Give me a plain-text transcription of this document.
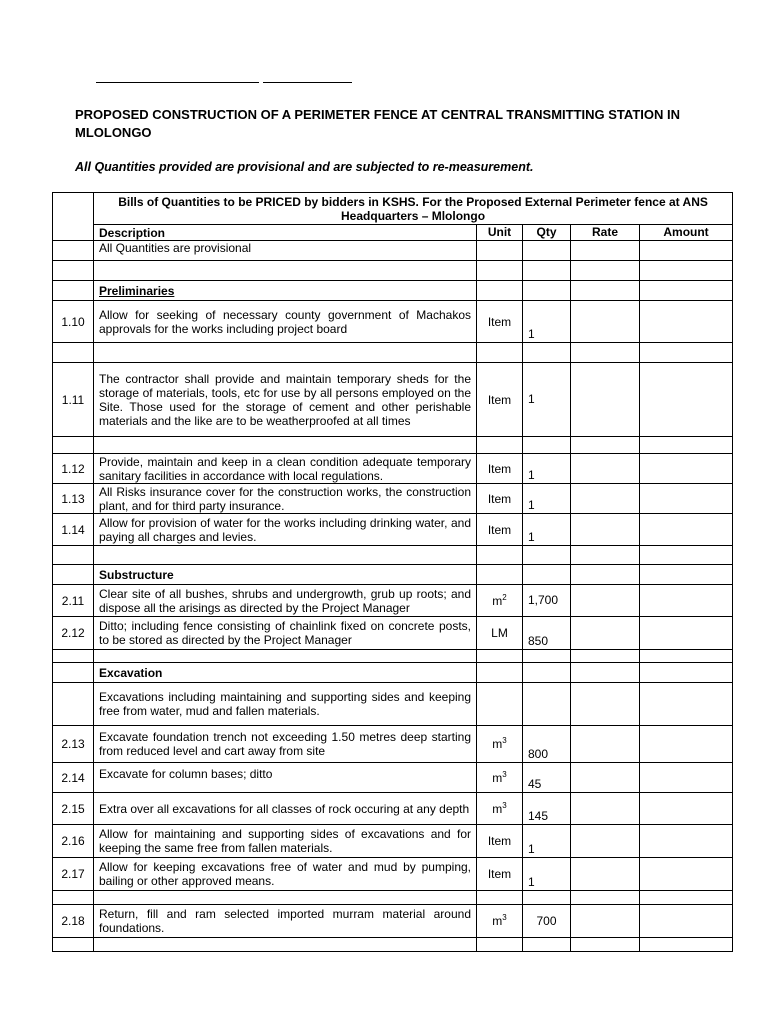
PROPOSED CONSTRUCTION OF A PERIMETER FENCE AT CENTRAL TRANSMITTING STATION IN MLOLONGO

All Quantities provided are provisional and are subjected to re-measurement.

	Bills of Quantities to be PRICED by bidders in KSHS. For the Proposed External Perimeter fence at ANS Headquarters – Mlolongo				
	Description	Unit	Qty	Rate	Amount
	All Quantities are provisional				

	Preliminaries				
1.10	Allow for seeking of necessary county government of Machakos approvals for the works including project board	Item	1		

1.11	The contractor shall provide and maintain temporary sheds for the storage of materials, tools, etc for use by all persons employed on the Site. Those used for the storage of cement and other perishable materials and the like are to be weatherproofed at all times	Item	1		

1.12	Provide, maintain and keep in a clean condition adequate temporary sanitary facilities in accordance with local regulations.	Item	1		
1.13	All Risks insurance cover for the construction works, the construction plant, and for third party insurance.	Item	1		
1.14	Allow for provision of water for the works including drinking water, and paying all charges and levies.	Item	1		

	Substructure				
2.11	Clear site of all bushes, shrubs and undergrowth, grub up roots; and dispose all the arisings as directed by the Project Manager	$m^2$	1,700		
2.12	Ditto; including fence consisting of chainlink fixed on concrete posts, to be stored as directed by the Project Manager	LM	850		

	Excavation				
	Excavations including maintaining and supporting sides and keeping free from water, mud and fallen materials.				
2.13	Excavate foundation trench not exceeding 1.50 metres deep starting from reduced level and cart away from site	$m^3$	800		
2.14	Excavate for column bases; ditto	$m^3$	45		
2.15	Extra over all excavations for all classes of rock occuring at any depth	$m^3$	145		
2.16	Allow for maintaining and supporting sides of excavations and for keeping the same free from fallen materials.	Item	1		
2.17	Allow for keeping excavations free of water and mud by pumping, bailing or other approved means.	Item	1		

2.18	Return, fill and ram selected imported murram material around foundations.	$m^3$	700		
